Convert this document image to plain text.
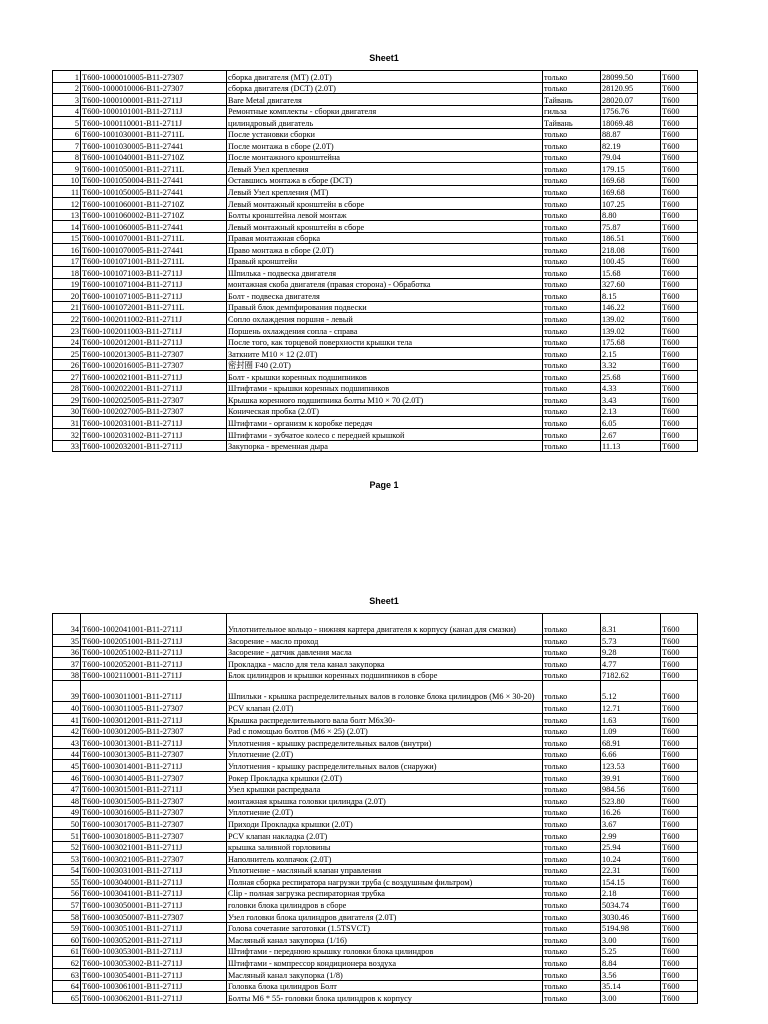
Sheet1
1	T600-1000010005-B11-27307	сборка двигателя (MT) (2.0T)	только	28099.50	T600
2	T600-1000010006-B11-27307	сборка двигателя (DCT) (2.0T)	только	28120.95	T600
3	T600-1000100001-B11-2711J	Bare Metal двигателя	Тайвань	28020.07	T600
4	T600-1000101001-B11-2711J	Ремонтные комплекты - сборки двигателя	гильза	1756.76	T600
5	T600-1000110001-B11-2711J	цилиндровый двигатель	Тайвань	18069.48	T600
6	T600-1001030001-B11-2711L	После установки сборки	только	88.87	T600
7	T600-1001030005-B11-27441	После монтажа в сборе (2.0T)	только	82.19	T600
8	T600-1001040001-B11-2710Z	После монтажного кронштейна	только	79.04	T600
9	T600-1001050001-B11-2711L	Левый Узел крепления	только	179.15	T600
10	T600-1001050004-B11-27441	Оставшись монтажа в сборе (DCT)	только	169.68	T600
11	T600-1001050005-B11-27441	Левый Узел крепления (MT)	только	169.68	T600
12	T600-1001060001-B11-2710Z	Левый монтажный кронштейн в сборе	только	107.25	T600
13	T600-1001060002-B11-2710Z	Болты кронштейна левой монтаж	только	8.80	T600
14	T600-1001060005-B11-27441	Левый монтажный кронштейн в сборе	только	75.87	T600
15	T600-1001070001-B11-2711L	Правая монтажная сборка	только	186.51	T600
16	T600-1001070005-B11-27441	Право монтажа в сборе (2.0T)	только	218.08	T600
17	T600-1001071001-B11-2711L	Правый кронштейн	только	100.45	T600
18	T600-1001071003-B11-2711J	Шпилька - подвеска двигателя	только	15.68	T600
19	T600-1001071004-B11-2711J	монтажная скоба двигателя (правая сторона) - Обработка	только	327.60	T600
20	T600-1001071005-B11-2711J	Болт - подвеска двигателя	только	8.15	T600
21	T600-1001072001-B11-2711L	Правый блок демпфирования подвески	только	146.22	T600
22	T600-1002011002-B11-2711J	Сопло охлаждения поршня - левый	только	139.02	T600
23	T600-1002011003-B11-2711J	Поршень охлаждения сопла - справа	только	139.02	T600
24	T600-1002012001-B11-2711J	После того, как торцевой поверхности крышки тела	только	175.68	T600
25	T600-1002013005-B11-27307	Заткните M10 × 12 (2.0T)	только	2.15	T600
26	T600-1002016005-B11-27307	密封圈 F40 (2.0T)	только	3.32	T600
27	T600-1002021001-B11-2711J	Болт - крышки коренных подшипников	только	25.68	T600
28	T600-1002022001-B11-2711J	Штифтами - крышки коренных подшипников	только	4.33	T600
29	T600-1002025005-B11-27307	Крышка коренного подшипника болты M10 × 70 (2.0T)	только	3.43	T600
30	T600-1002027005-B11-27307	Коническая пробка (2.0T)	только	2.13	T600
31	T600-1002031001-B11-2711J	Штифтами - организм к коробке передач	только	6.05	T600
32	T600-1002031002-B11-2711J	Штифтами - зубчатое колесо с передней крышкой	только	2.67	T600
33	T600-1002032001-B11-2711J	Закупорка - временная дыра	только	11.13	T600
Page 1
Sheet1
34	T600-1002041001-B11-2711J	Уплотнительное кольцо - нижняя картера двигателя к корпусу (канал для смазки)	только	8.31	T600
35	T600-1002051001-B11-2711J	Засорение - масло проход	только	5.73	T600
36	T600-1002051002-B11-2711J	Засорение - датчик давления масла	только	9.28	T600
37	T600-1002052001-B11-2711J	Прокладка - масло для тела канал закупорка	только	4.77	T600
38	T600-1002110001-B11-2711J	Блок цилиндров и крышки коренных подшипников в сборе	только	7182.62	T600
39	T600-1003011001-B11-2711J	Шпильки - крышка распределительных валов в головке блока цилиндров (M6 × 30-20)	только	5.12	T600
40	T600-1003011005-B11-27307	PCV клапан (2.0T)	только	12.71	T600
41	T600-1003012001-B11-2711J	Крышка распределительного вала болт M6x30-	только	1.63	T600
42	T600-1003012005-B11-27307	Pad с помощью болтов (M6 × 25) (2.0T)	только	1.09	T600
43	T600-1003013001-B11-2711J	Уплотнения - крышку распределительных валов (внутри)	только	68.91	T600
44	T600-1003013005-B11-27307	Уплотнение (2.0T)	только	6.66	T600
45	T600-1003014001-B11-2711J	Уплотнения - крышку распределительных валов (снаружи)	только	123.53	T600
46	T600-1003014005-B11-27307	Рокер Прокладка крышки (2.0T)	только	39.91	T600
47	T600-1003015001-B11-2711J	Узел крышки распредвала	только	984.56	T600
48	T600-1003015005-B11-27307	монтажная крышка головки цилиндра (2.0T)	только	523.80	T600
49	T600-1003016005-B11-27307	Уплотнение (2.0T)	только	16.26	T600
50	T600-1003017005-B11-27307	Приходи Прокладка крышки (2.0T)	только	3.67	T600
51	T600-1003018005-B11-27307	PCV клапан накладка (2.0T)	только	2.99	T600
52	T600-1003021001-B11-2711J	крышка заливной горловины	только	25.94	T600
53	T600-1003021005-B11-27307	Наполнитель колпачок (2.0T)	только	10.24	T600
54	T600-1003031001-B11-2711J	Уплотнение - масляный клапан управления	только	22.31	T600
55	T600-1003040001-B11-2711J	Полная сборка респиратора нагрузки труба (с воздушным фильтром)	только	154.15	T600
56	T600-1003041001-B11-2711J	Clip - полная загрузка респираторная трубка	только	2.18	T600
57	T600-1003050001-B11-2711J	головки блока цилиндров в сборе	только	5034.74	T600
58	T600-1003050007-B11-27307	Узел головки блока цилиндров двигателя (2.0T)	только	3030.46	T600
59	T600-1003051001-B11-2711J	Голова сочетание заготовки (1.5TSVCT)	только	5194.98	T600
60	T600-1003052001-B11-2711J	Масляный канал закупорка (1/16)	только	3.00	T600
61	T600-1003053001-B11-2711J	Штифтами - переднюю крышку головки блока цилиндров	только	5.25	T600
62	T600-1003053002-B11-2711J	Штифтами - компрессор кондиционера воздуха	только	8.84	T600
63	T600-1003054001-B11-2711J	Масляный канал закупорка (1/8)	только	3.56	T600
64	T600-1003061001-B11-2711J	Головка блока цилиндров Болт	только	35.14	T600
65	T600-1003062001-B11-2711J	Болты M6 * 55- головки блока цилиндров к корпусу	только	3.00	T600
